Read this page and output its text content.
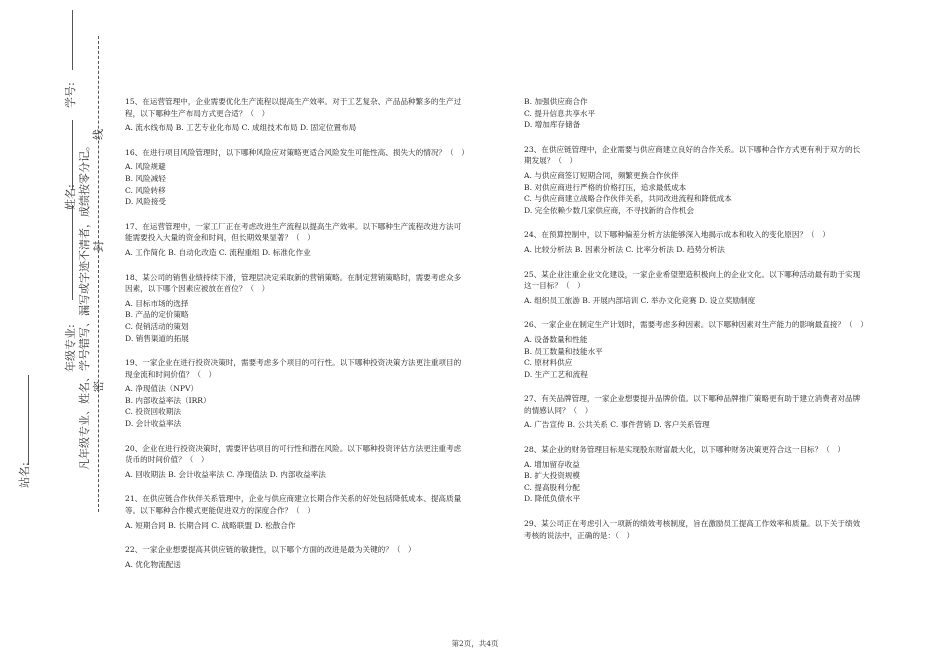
学号:
姓名:
年级专业: 凡年级专业、姓名、学号错写、漏写或字迹不清者，成绩按零分记。 密
封
线
站名:

15、在运营管理中，企业需要优化生产流程以提高生产效率。对于工艺复杂、产品品种繁多的生产过程，以下哪种生产布局方式更合适？（　）

A. 流水线布局 B. 工艺专业化布局 C. 成组技术布局 D. 固定位置布局

16、在进行项目风险管理时，以下哪种风险应对策略更适合风险发生可能性高、损失大的情况？（　）

A. 风险规避

B. 风险减轻

C. 风险转移

D. 风险接受

17、在运营管理中，一家工厂正在考虑改进生产流程以提高生产效率。以下哪种生产流程改进方法可能需要投入大量的资金和时间，但长期效果显著？（　）

A. 工作简化 B. 自动化改造 C. 流程重组 D. 标准化作业

18、某公司的销售业绩持续下滑，管理层决定采取新的营销策略。在制定营销策略时，需要考虑众多因素，以下哪个因素应被放在首位？（　）

A. 目标市场的选择

B. 产品的定价策略

C. 促销活动的策划

D. 销售渠道的拓展

19、一家企业在进行投资决策时，需要考虑多个项目的可行性。以下哪种投资决策方法更注重项目的现金流和时间价值？（　）

A. 净现值法（NPV）

B. 内部收益率法（IRR）

C. 投资回收期法

D. 会计收益率法

20、企业在进行投资决策时，需要评估项目的可行性和潜在风险。以下哪种投资评估方法更注重考虑货币的时间价值？（　）

A. 回收期法 B. 会计收益率法 C. 净现值法 D. 内部收益率法

21、在供应链合作伙伴关系管理中，企业与供应商建立长期合作关系的好处包括降低成本、提高质量等。以下哪种合作模式更能促进双方的深度合作？（　）

A. 短期合同 B. 长期合同 C. 战略联盟 D. 松散合作

22、一家企业想要提高其供应链的敏捷性，以下哪个方面的改进是最为关键的？（　）

A. 优化物流配送

B. 加强供应商合作

C. 提升信息共享水平

D. 增加库存储备

23、在供应链管理中，企业需要与供应商建立良好的合作关系。以下哪种合作方式更有利于双方的长期发展？（　）

A. 与供应商签订短期合同，频繁更换合作伙伴

B. 对供应商进行严格的价格打压，追求最低成本

C. 与供应商建立战略合作伙伴关系，共同改进流程和降低成本

D. 完全依赖少数几家供应商，不寻找新的合作机会

24、在预算控制中，以下哪种偏差分析方法能够深入地揭示成本和收入的变化原因？（　）

A. 比较分析法 B. 因素分析法 C. 比率分析法 D. 趋势分析法

25、某企业注重企业文化建设，一家企业希望塑造积极向上的企业文化。以下哪种活动最有助于实现这一目标？（　）

A. 组织员工旅游 B. 开展内部培训 C. 举办文化竞赛 D. 设立奖励制度

26、一家企业在制定生产计划时，需要考虑多种因素。以下哪种因素对生产能力的影响最直接？（　）

A. 设备数量和性能

B. 员工数量和技能水平

C. 原材料供应

D. 生产工艺和流程

27、有关品牌管理，一家企业想要提升品牌价值。以下哪种品牌推广策略更有助于建立消费者对品牌的情感认同？（　）

A. 广告宣传 B. 公共关系 C. 事件营销 D. 客户关系管理

28、某企业的财务管理目标是实现股东财富最大化，以下哪种财务决策更符合这一目标？（　）

A. 增加留存收益

B. 扩大投资规模

C. 提高股利分配

D. 降低负债水平

29、某公司正在考虑引入一项新的绩效考核制度，旨在激励员工提高工作效率和质量。以下关于绩效考核的说法中，正确的是：（　）

第2页，共4页
